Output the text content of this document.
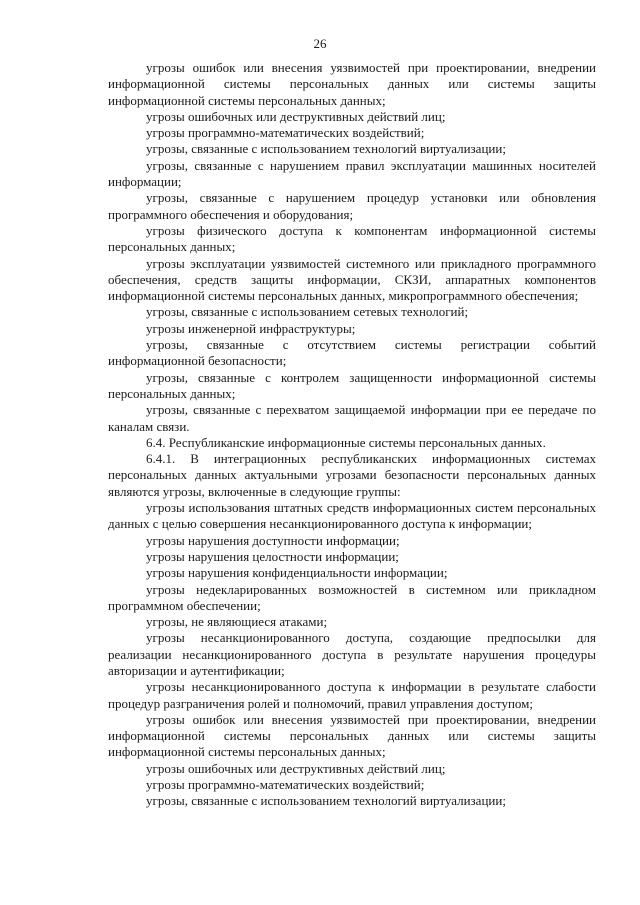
26

угрозы ошибок или внесения уязвимостей при проектировании, внедрении информационной системы персональных данных или системы защиты информационной системы персональных данных;

угрозы ошибочных или деструктивных действий лиц;

угрозы программно-математических воздействий;

угрозы, связанные с использованием технологий виртуализации;

угрозы, связанные с нарушением правил эксплуатации машинных носителей информации;

угрозы, связанные с нарушением процедур установки или обновления программного обеспечения и оборудования;

угрозы физического доступа к компонентам информационной системы персональных данных;

угрозы эксплуатации уязвимостей системного или прикладного программного обеспечения, средств защиты информации, СКЗИ, аппаратных компонентов информационной системы персональных данных, микропрограммного обеспечения;

угрозы, связанные с использованием сетевых технологий;

угрозы инженерной инфраструктуры;

угрозы, связанные с отсутствием системы регистрации событий информационной безопасности;

угрозы, связанные с контролем защищенности информационной системы персональных данных;

угрозы, связанные с перехватом защищаемой информации при ее передаче по каналам связи.

6.4. Республиканские информационные системы персональных данных.

6.4.1. В интеграционных республиканских информационных системах персональных данных актуальными угрозами безопасности персональных данных являются угрозы, включенные в следующие группы:

угрозы использования штатных средств информационных систем персональных данных с целью совершения несанкционированного доступа к информации;

угрозы нарушения доступности информации;

угрозы нарушения целостности информации;

угрозы нарушения конфиденциальности информации;

угрозы недекларированных возможностей в системном или прикладном программном обеспечении;

угрозы, не являющиеся атаками;

угрозы несанкционированного доступа, создающие предпосылки для реализации несанкционированного доступа в результате нарушения процедуры авторизации и аутентификации;

угрозы несанкционированного доступа к информации в результате слабости процедур разграничения ролей и полномочий, правил управления доступом;

угрозы ошибок или внесения уязвимостей при проектировании, внедрении информационной системы персональных данных или системы защиты информационной системы персональных данных;

угрозы ошибочных или деструктивных действий лиц;

угрозы программно-математических воздействий;

угрозы, связанные с использованием технологий виртуализации;
